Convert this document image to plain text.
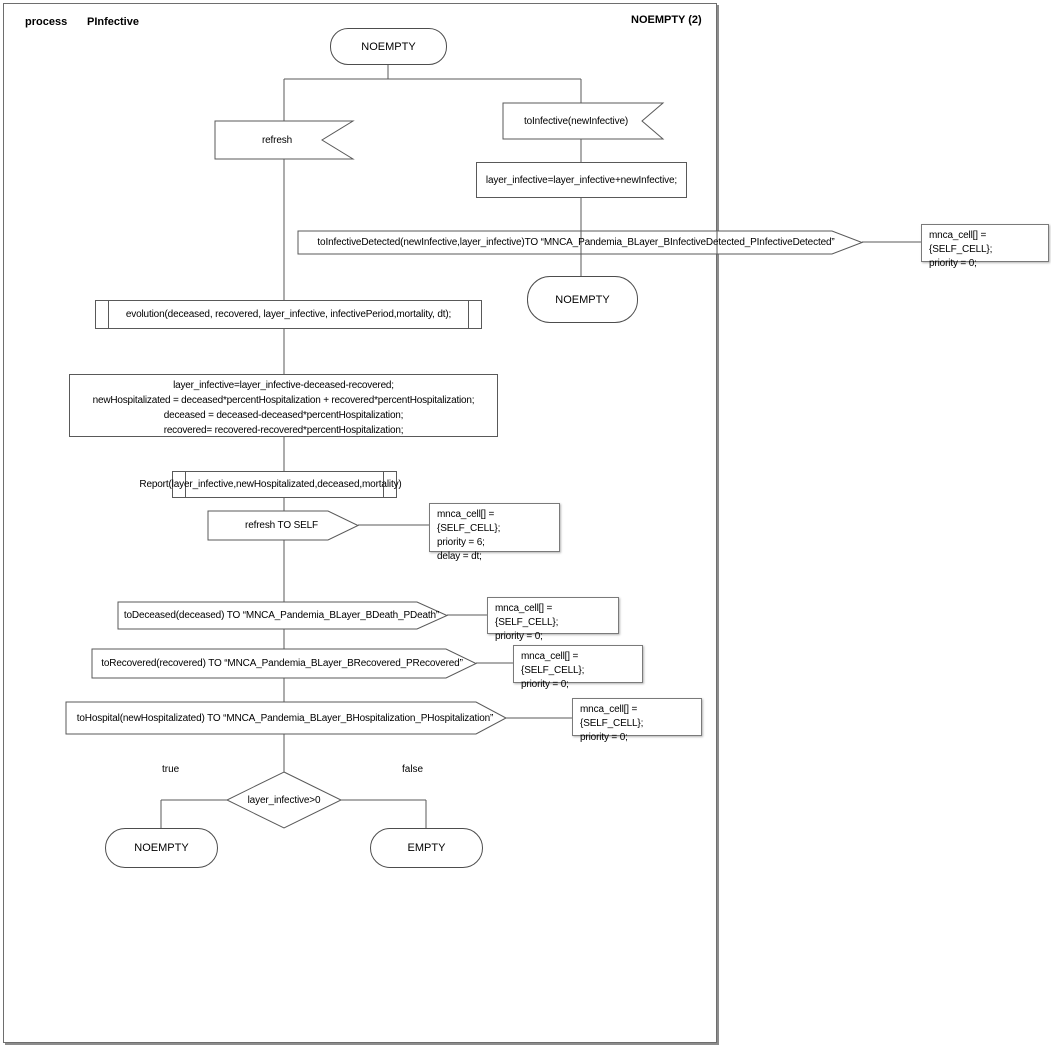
process PInfective	NOEMPTY (2)
NOEMPTY
NOEMPTY
NOEMPTY	EMPTY
refresh
toInfective(newInfective)
toInfectiveDetected(newInfective,layer_infective)TO “MNCA_Pandemia_BLayer_BInfectiveDetected_PInfectiveDetected”
refresh TO SELF
toDeceased(deceased) TO “MNCA_Pandemia_BLayer_BDeath_PDeath”
toRecovered(recovered) TO “MNCA_Pandemia_BLayer_BRecovered_PRecovered”
toHospital(newHospitalizated) TO “MNCA_Pandemia_BLayer_BHospitalization_PHospitalization”
layer_infective=layer_infective+newInfective;
evolution(deceased, recovered, layer_infective, infectivePeriod,mortality, dt);
layer_infective=layer_infective-deceased-recovered;
newHospitalizated = deceased*percentHospitalization + recovered*percentHospitalization;
deceased = deceased-deceased*percentHospitalization;
recovered= recovered-recovered*percentHospitalization;
Report(layer_infective,newHospitalizated,deceased,mortality)
mnca_cell[] = {SELF_CELL};
priority = 0;
mnca_cell[] = {SELF_CELL};
priority = 6;
delay = dt;
mnca_cell[] = {SELF_CELL};
priority = 0;
mnca_cell[] = {SELF_CELL};
priority = 0;
mnca_cell[] = {SELF_CELL};
priority = 0;
layer_infective>0
true	false
